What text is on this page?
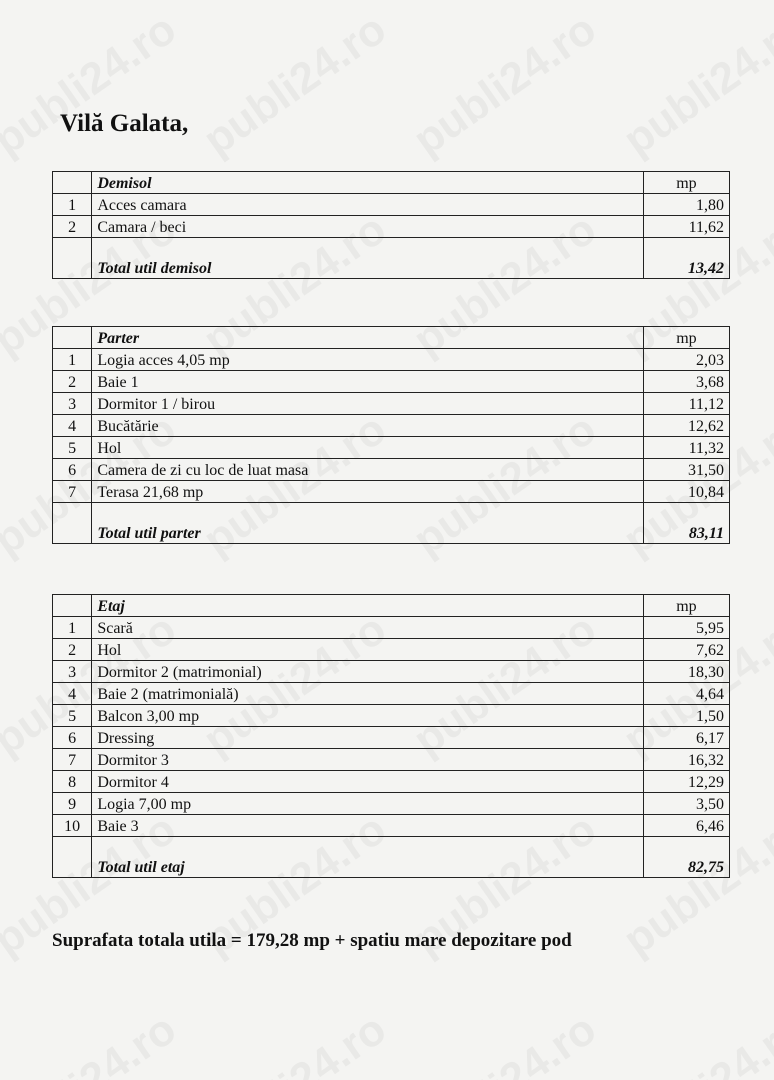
Vilă Galata,
	Demisol	mp
1	Acces camara	1,80
2	Camara / beci	11,62
	Total util demisol	13,42
	Parter	mp
1	Logia acces 4,05 mp	2,03
2	Baie 1	3,68
3	Dormitor 1 / birou	11,12
4	Bucătărie	12,62
5	Hol	11,32
6	Camera de zi cu loc de luat masa	31,50
7	Terasa 21,68 mp	10,84
	Total util parter	83,11
	Etaj	mp
1	Scară	5,95
2	Hol	7,62
3	Dormitor 2 (matrimonial)	18,30
4	Baie 2 (matrimonială)	4,64
5	Balcon 3,00 mp	1,50
6	Dressing	6,17
7	Dormitor 3	16,32
8	Dormitor 4	12,29
9	Logia 7,00 mp	3,50
10	Baie 3	6,46
	Total util etaj	82,75

Suprafata totala utila = 179,28 mp + spatiu mare depozitare pod
